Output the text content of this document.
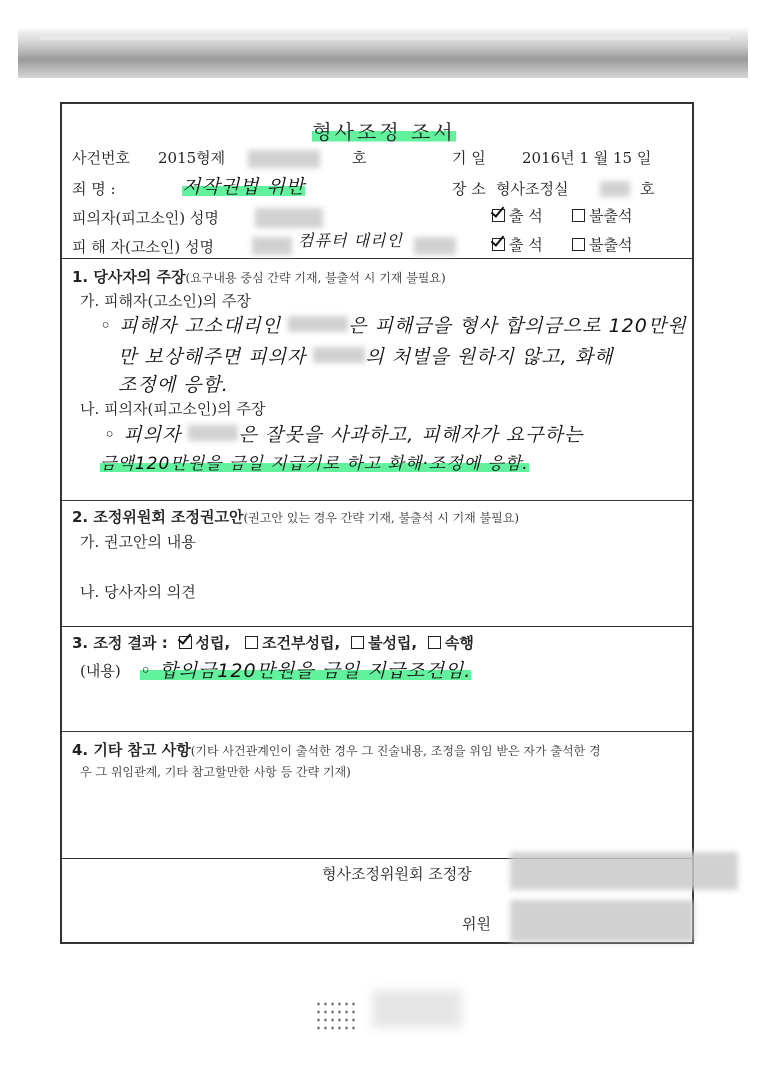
형사조정 조서
사건번호 2015형제	호	기 일 2016년 1 월 15 일
죄 명 :	저작권법 위반	장 소 형사조정실	호
피의자(피고소인) 성명	출 석	불출석
피 해 자(고소인) 성명	컴퓨터 대리인	출 석	불출석
1. 당사자의 주장(요구내용 중심 간략 기재, 불출석 시 기재 불필요)
가. 피해자(고소인)의 주장
◦ 피해자 고소대리인	은 피해금을 형사 합의금으로 120만원
만 보상해주면 피의자	의 처벌을 원하지 않고, 화해
조정에 응함.
나. 피의자(피고소인)의 주장
◦ 피의자	은 잘못을 사과하고, 피해자가 요구하는
금액120만원을 금일 지급키로 하고 화해·조정에 응함.
2. 조정위원회 조정권고안(권고안 있는 경우 간략 기재, 불출석 시 기재 불필요)
가. 권고안의 내용
나. 당사자의 의견
3. 조정 결과 : 성립, 조건부성립, 불성립, 속행
(내용) ◦ 합의금120만원을 금일 지급조건임.
4. 기타 참고 사항(기타 사건관계인이 출석한 경우 그 진술내용, 조정을 위임 받은 자가 출석한 경
우 그 위임관계, 기타 참고할만한 사항 등 간략 기재)
형사조정위원회 조정장
위원
